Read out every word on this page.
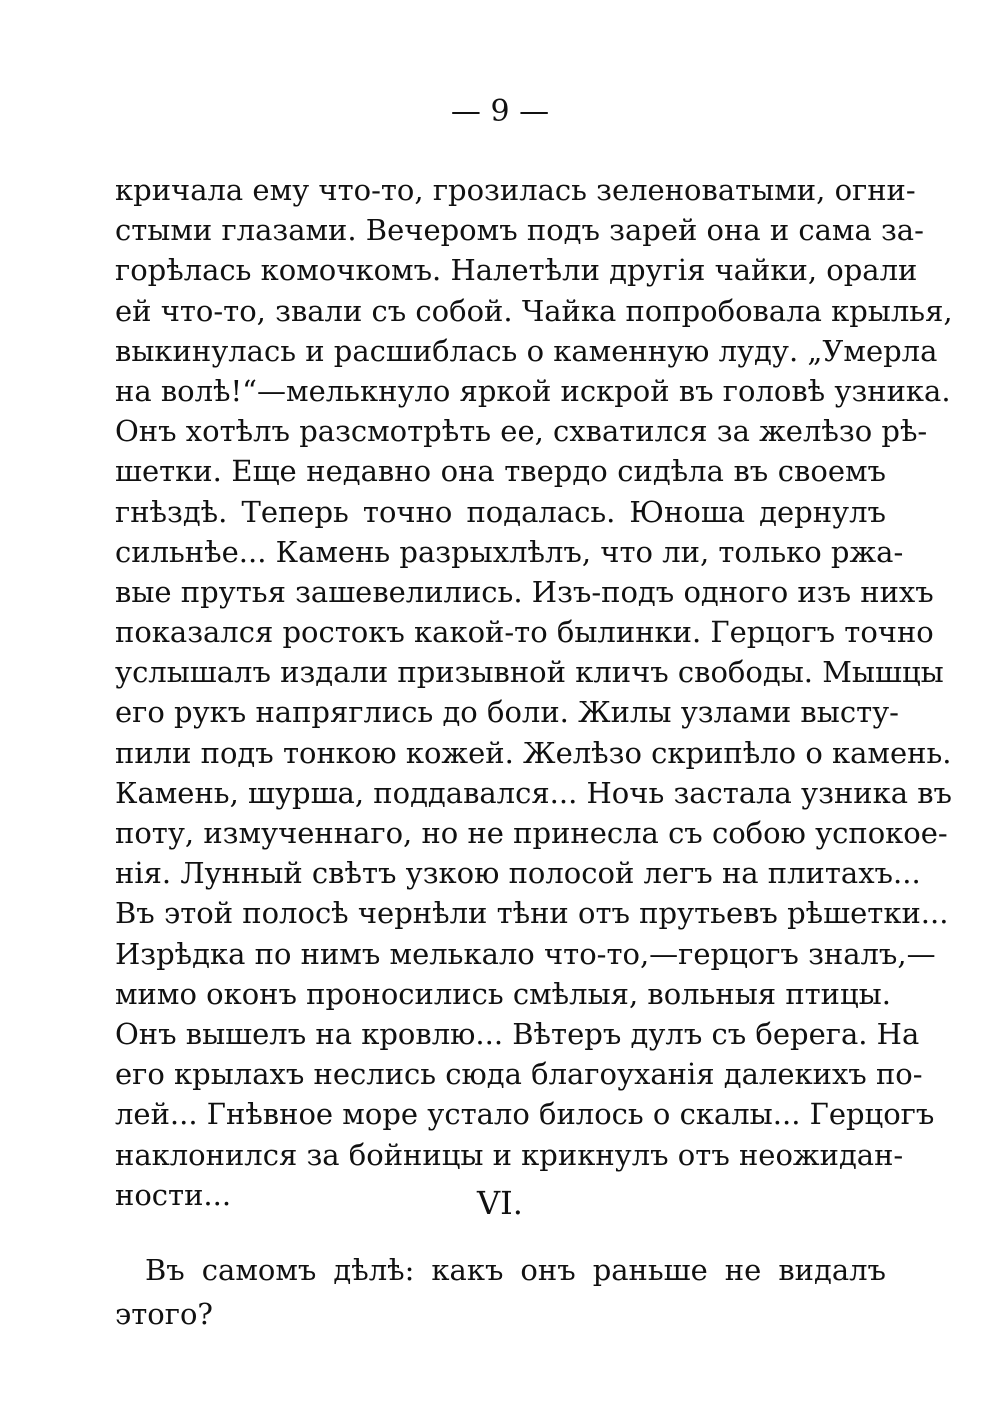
— 9 —
кричала ему что-то, грозилась зеленоватыми, огни-
стыми глазами. Вечеромъ подъ зарей она и сама за-
горѣлась комочкомъ. Налетѣли другія чайки, орали
ей что-то, звали съ собой. Чайка попробовала крылья,
выкинулась и расшиблась о каменную луду. „Умерла
на волѣ!“—мелькнуло яркой искрой въ головѣ узника.
Онъ хотѣлъ разсмотрѣть ее, схватился за желѣзо рѣ-
шетки. Еще недавно она твердо сидѣла въ своемъ
гнѣздѣ. Теперь точно подалась. Юноша дернулъ
сильнѣе... Камень разрыхлѣлъ, что ли, только ржа-
вые прутья зашевелились. Изъ-подъ одного изъ нихъ
показался ростокъ какой-то былинки. Герцогъ точно
услышалъ издали призывной кличъ свободы. Мышцы
его рукъ напряглись до боли. Жилы узлами высту-
пили подъ тонкою кожей. Желѣзо скрипѣло о камень.
Камень, шурша, поддавался... Ночь застала узника въ
поту, измученнаго, но не принесла съ собою успокое-
нія. Лунный свѣтъ узкою полосой легъ на плитахъ...
Въ этой полосѣ чернѣли тѣни отъ прутьевъ рѣшетки...
Изрѣдка по нимъ мелькало что-то,—герцогъ зналъ,—
мимо оконъ проносились смѣлыя, вольныя птицы.
Онъ вышелъ на кровлю... Вѣтеръ дулъ съ берега. На
его крылахъ неслись сюда благоуханія далекихъ по-
лей... Гнѣвное море устало билось о скалы... Герцогъ
наклонился за бойницы и крикнулъ отъ неожидан-
ности...	VI.
Въ самомъ дѣлѣ: какъ онъ раньше не видалъ
этого?
